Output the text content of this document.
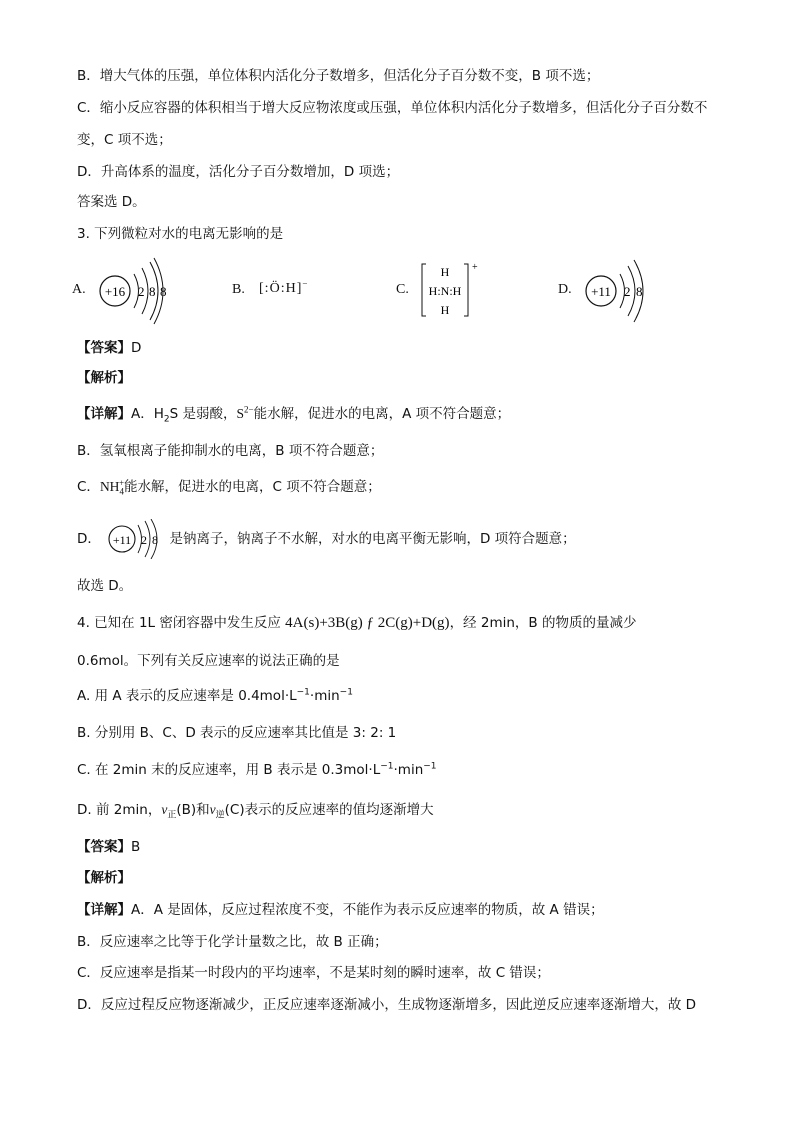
B．增大气体的压强，单位体积内活化分子数增多，但活化分子百分数不变，B 项不选；
C．缩小反应容器的体积相当于增大反应物浓度或压强，单位体积内活化分子数增多，但活化分子百分数不
变，C 项不选；
D．升高体系的温度，活化分子百分数增加，D 项选；
答案选 D。
3. 下列微粒对水的电离无影响的是
A. +16 2 8 8	B. [:Ö:H]−	C.
H
H:N:H
H
+
D. +11 2 8
【答案】D
【解析】
【详解】A．$H_2S$ 是弱酸，$S^{2-}$能水解，促进水的电离，A 项不符合题意；
B．氢氧根离子能抑制水的电离，B 项不符合题意；
C．$NH_4^+$能水解，促进水的电离，C 项不符合题意；
D． +11 2 8 是钠离子，钠离子不水解，对水的电离平衡无影响，D 项符合题意；
故选 D。
4. 已知在 1L 密闭容器中发生反应 4A(s)+3B(g) ƒ 2C(g)+D(g)，经 2min，B 的物质的量减少
0.6mol。下列有关反应速率的说法正确的是
A. 用 A 表示的反应速率是 $0.4mol\cdot L^{-1}\cdot\min^{-1}$
B. 分别用 B、C、D 表示的反应速率其比值是 3: 2: 1
C. 在 2min 末的反应速率，用 B 表示是 $0.3mol\cdot L^{-1}\cdot\min^{-1}$
D. 前 2min，$v_正(B)$和$v_逆(C)$表示的反应速率的值均逐渐增大
【答案】B
【解析】
【详解】A．A 是固体，反应过程浓度不变，不能作为表示反应速率的物质，故 A 错误；
B．反应速率之比等于化学计量数之比，故 B 正确；
C．反应速率是指某一时段内的平均速率，不是某时刻的瞬时速率，故 C 错误；
D．反应过程反应物逐渐减少，正反应速率逐渐减小，生成物逐渐增多，因此逆反应速率逐渐增大，故 D
